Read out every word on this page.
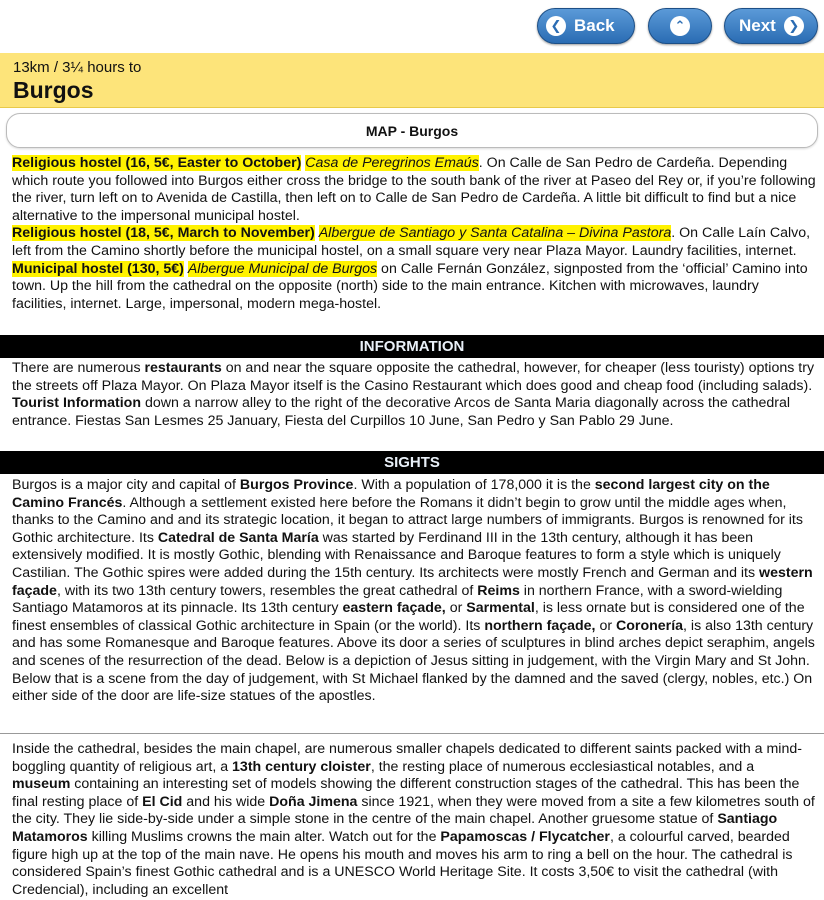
❮ Back	⌃	Next ❯
13km / 3¼ hours to
Burgos
MAP - Burgos
Religious hostel (16, 5€, Easter to October) Casa de Peregrinos Emaús. On Calle de San Pedro de Cardeña. Depending which route you followed into Burgos either cross the bridge to the south bank of the river at Paseo del Rey or, if you’re following the river, turn left on to Avenida de Castilla, then left on to Calle de San Pedro de Cardeña. A little bit difficult to find but a nice alternative to the impersonal municipal hostel.
Religious hostel (18, 5€, March to November) Albergue de Santiago y Santa Catalina – Divina Pastora. On Calle Laín Calvo, left from the Camino shortly before the municipal hostel, on a small square very near Plaza Mayor. Laundry facilities, internet.
Municipal hostel (130, 5€) Albergue Municipal de Burgos on Calle Fernán González, signposted from the ‘official’ Camino into town. Up the hill from the cathedral on the opposite (north) side to the main entrance. Kitchen with microwaves, laundry facilities, internet. Large, impersonal, modern mega-hostel.
INFORMATION
There are numerous restaurants on and near the square opposite the cathedral, however, for cheaper (less touristy) options try the streets off Plaza Mayor. On Plaza Mayor itself is the Casino Restaurant which does good and cheap food (including salads). Tourist Information down a narrow alley to the right of the decorative Arcos de Santa Maria diagonally across the cathedral entrance. Fiestas San Lesmes 25 January, Fiesta del Curpillos 10 June, San Pedro y San Pablo 29 June.
SIGHTS
Burgos is a major city and capital of Burgos Province. With a population of 178,000 it is the second largest city on the Camino Francés. Although a settlement existed here before the Romans it didn’t begin to grow until the middle ages when, thanks to the Camino and and its strategic location, it began to attract large numbers of immigrants. Burgos is renowned for its Gothic architecture. Its Catedral de Santa María was started by Ferdinand III in the 13th century, although it has been extensively modified. It is mostly Gothic, blending with Renaissance and Baroque features to form a style which is uniquely Castilian. The Gothic spires were added during the 15th century. Its architects were mostly French and German and its western façade, with its two 13th century towers, resembles the great cathedral of Reims in northern France, with a sword-wielding Santiago Matamoros at its pinnacle. Its 13th century eastern façade, or Sarmental, is less ornate but is considered one of the finest ensembles of classical Gothic architecture in Spain (or the world). Its northern façade, or Coronería, is also 13th century and has some Romanesque and Baroque features. Above its door a series of sculptures in blind arches depict seraphim, angels and scenes of the resurrection of the dead. Below is a depiction of Jesus sitting in judgement, with the Virgin Mary and St John. Below that is a scene from the day of judgement, with St Michael flanked by the damned and the saved (clergy, nobles, etc.) On either side of the door are life-size statues of the apostles.
Inside the cathedral, besides the main chapel, are numerous smaller chapels dedicated to different saints packed with a mind-boggling quantity of religious art, a 13th century cloister, the resting place of numerous ecclesiastical notables, and a museum containing an interesting set of models showing the different construction stages of the cathedral. This has been the final resting place of El Cid and his wide Doña Jimena since 1921, when they were moved from a site a few kilometres south of the city. They lie side-by-side under a simple stone in the centre of the main chapel. Another gruesome statue of Santiago Matamoros killing Muslims crowns the main alter. Watch out for the Papamoscas / Flycatcher, a colourful carved, bearded figure high up at the top of the main nave. He opens his mouth and moves his arm to ring a bell on the hour. The cathedral is considered Spain’s finest Gothic cathedral and is a UNESCO World Heritage Site. It costs 3,50€ to visit the cathedral (with Credencial), including an excellent
